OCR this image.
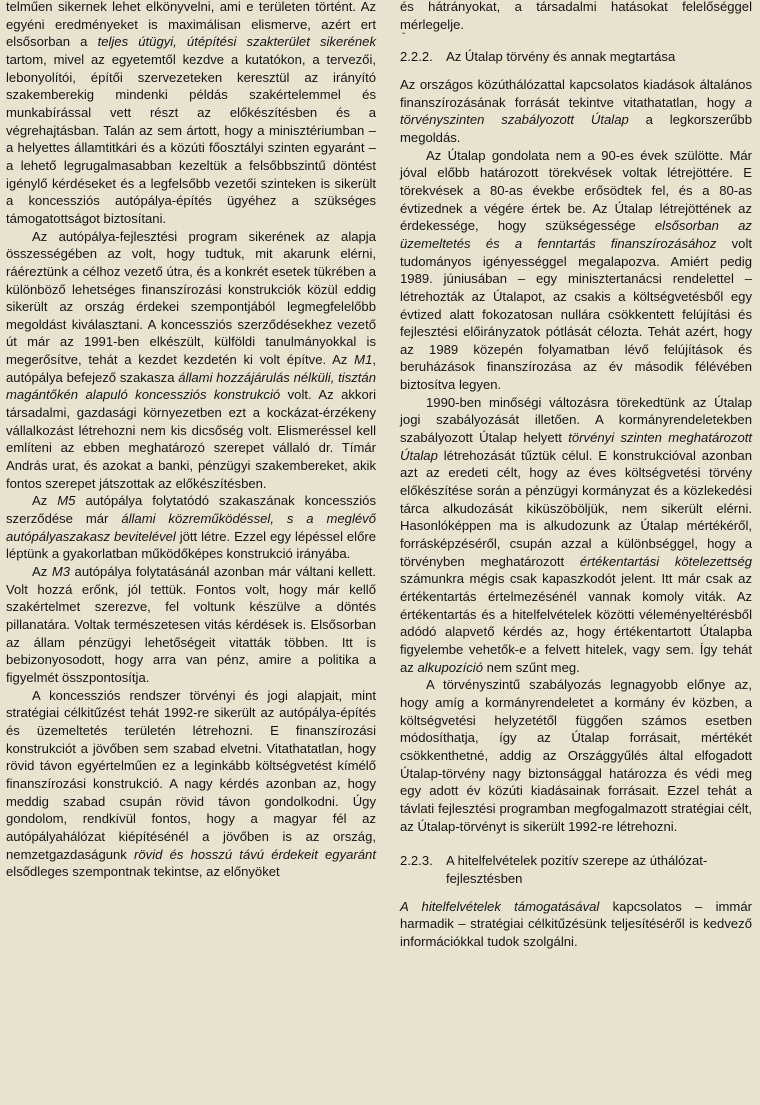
telműen sikernek lehet elkönyvelni, ami e területen történt. Az egyéni eredményeket is maximálisan elismerve, azért ert elsősorban a teljes útügyi, útépítési szakterület sikerének tartom, mivel az egyetemtől kezdve a kutatókon, a tervezői, lebonyolítói, építői szervezeteken keresztül az irányító szakemberekig mindenki példás szakértelemmel és munkabírással vett részt az előkészítésben és a végrehajtásban. Talán az sem ártott, hogy a minisztériumban – a helyettes államtitkári és a közúti főosztályi szinten egyaránt – a lehető legrugalmasabban kezeltük a felsőbbszintű döntést igénylő kérdéseket és a legfelsőbb vezetői szinteken is sikerült a koncessziós autópálya-építés ügyéhez a szükséges támogatottságot biztosítani.

Az autópálya-fejlesztési program sikerének az alapja összességében az volt, hogy tudtuk, mit akarunk elérni, ráéreztünk a célhoz vezető útra, és a konkrét esetek tükrében a különböző lehetséges finanszírozási konstrukciók közül eddig sikerült az ország érdekei szempontjából legmegfelelőbb megoldást kiválasztani. A koncessziós szerződésekhez vezető út már az 1991-ben elkészült, külföldi tanulmányokkal is megerősítve, tehát a kezdet kezdetén ki volt építve. Az M1, autópálya befejező szakasza állami hozzájárulás nélküli, tisztán magántőkén alapuló koncessziós konstrukció volt. Az akkori társadalmi, gazdasági környezetben ezt a kockázat-érzékeny vállalkozást létrehozni nem kis dicsőség volt. Elismeréssel kell említeni az ebben meghatározó szerepet vállaló dr. Tímár András urat, és azokat a banki, pénzügyi szakembereket, akik fontos szerepet játszottak az előkészítésben.

Az M5 autópálya folytatódó szakaszának koncessziós szerződése már állami közreműködéssel, s a meglévő autópályaszakasz bevitelével jött létre. Ezzel egy lépéssel előre léptünk a gyakorlatban működőképes konstrukció irányába.

Az M3 autópálya folytatásánál azonban már váltani kellett. Volt hozzá erőnk, jól tettük. Fontos volt, hogy már kellő szakértelmet szerezve, fel voltunk készülve a döntés pillanatára. Voltak természetesen vitás kérdések is. Elsősorban az állam pénzügyi lehetőségeit vitatták többen. Itt is bebizonyosodott, hogy arra van pénz, amire a politika a figyelmét összpontosítja.

A koncessziós rendszer törvényi és jogi alapjait, mint stratégiai célkitűzést tehát 1992-re sikerült az autópálya-építés és üzemeltetés területén létrehozni. E finanszírozási konstrukciót a jövőben sem szabad elvetni. Vitathatatlan, hogy rövid távon egyértelműen ez a leginkább költségvetést kímélő finanszírozási konstrukció. A nagy kérdés azonban az, hogy meddig szabad csupán rövid távon gondolkodni. Úgy gondolom, rendkívül fontos, hogy a magyar fél az autópályahálózat kiépítésénél a jövőben is az ország, nemzetgazdaságunk rövid és hosszú távú érdekeit egyaránt elsődleges szempontnak tekintse, az előnyöket

és hátrányokat, a társadalmi hatásokat felelőséggel mérlegelje.

ˇ
2.2.2. Az Útalap törvény és annak megtartása

Az országos közúthálózattal kapcsolatos kiadások általános finanszírozásának forrását tekintve vitathatatlan, hogy a törvényszinten szabályozott Útalap a legkorszerűbb megoldás.

Az Útalap gondolata nem a 90-es évek szülötte. Már jóval előbb határozott törekvések voltak létrejöttére. E törekvések a 80-as évekbe erősödtek fel, és a 80-as évtizednek a végére értek be. Az Útalap létrejöttének az érdekessége, hogy szükségessége elsősorban az üzemeltetés és a fenntartás finanszírozásához volt tudományos igényességgel megalapozva. Amiért pedig 1989. júniusában – egy minisztertanácsi rendelettel – létrehozták az Útalapot, az csakis a költségvetésből egy évtized alatt fokozatosan nullára csökkentett felújítási és fejlesztési előirányzatok pótlását célozta. Tehát azért, hogy az 1989 közepén folyamatban lévő felújítások és beruházások finanszírozása az év második félévében biztosítva legyen.

1990-ben minőségi változásra törekedtünk az Útalap jogi szabályozását illetően. A kormányrendeletekben szabályozott Útalap helyett törvényi szinten meghatározott Útalap létrehozását tűztük célul. E konstrukcióval azonban azt az eredeti célt, hogy az éves költségvetési törvény előkészítése során a pénzügyi kormányzat és a közlekedési tárca alkudozását kiküszöböljük, nem sikerült elérni. Hasonlóképpen ma is alkudozunk az Útalap mértékéről, forrásképzéséről, csupán azzal a különbséggel, hogy a törvényben meghatározott értékentartási kötelezettség számunkra mégis csak kapaszkodót jelent. Itt már csak az értékentartás értelmezésénél vannak komoly viták. Az értékentartás és a hitelfelvételek közötti véleményeltérésből adódó alapvető kérdés az, hogy értékentartott Útalapba figyelembe vehetők-e a felvett hitelek, vagy sem. Így tehát az alkupozíció nem szűnt meg.

A törvényszintű szabályozás legnagyobb előnye az, hogy amíg a kormányrendeletet a kormány év közben, a költségvetési helyzetétől függően számos esetben módosíthatja, így az Útalap forrásait, mértékét csökkenthetné, addig az Országgyűlés által elfogadott Útalap-törvény nagy biztonsággal határozza és védi meg egy adott év közúti kiadásainak forrásait. Ezzel tehát a távlati fejlesztési programban megfogalmazott stratégiai célt, az Útalap-törvényt is sikerült 1992-re létrehozni.

2.2.3. A hitelfelvételek pozitív szerepe az úthálózat-
fejlesztésben

A hitelfelvételek támogatásával kapcsolatos – immár harmadik – stratégiai célkitűzésünk teljesítéséről is kedvező információkkal tudok szolgálni.
